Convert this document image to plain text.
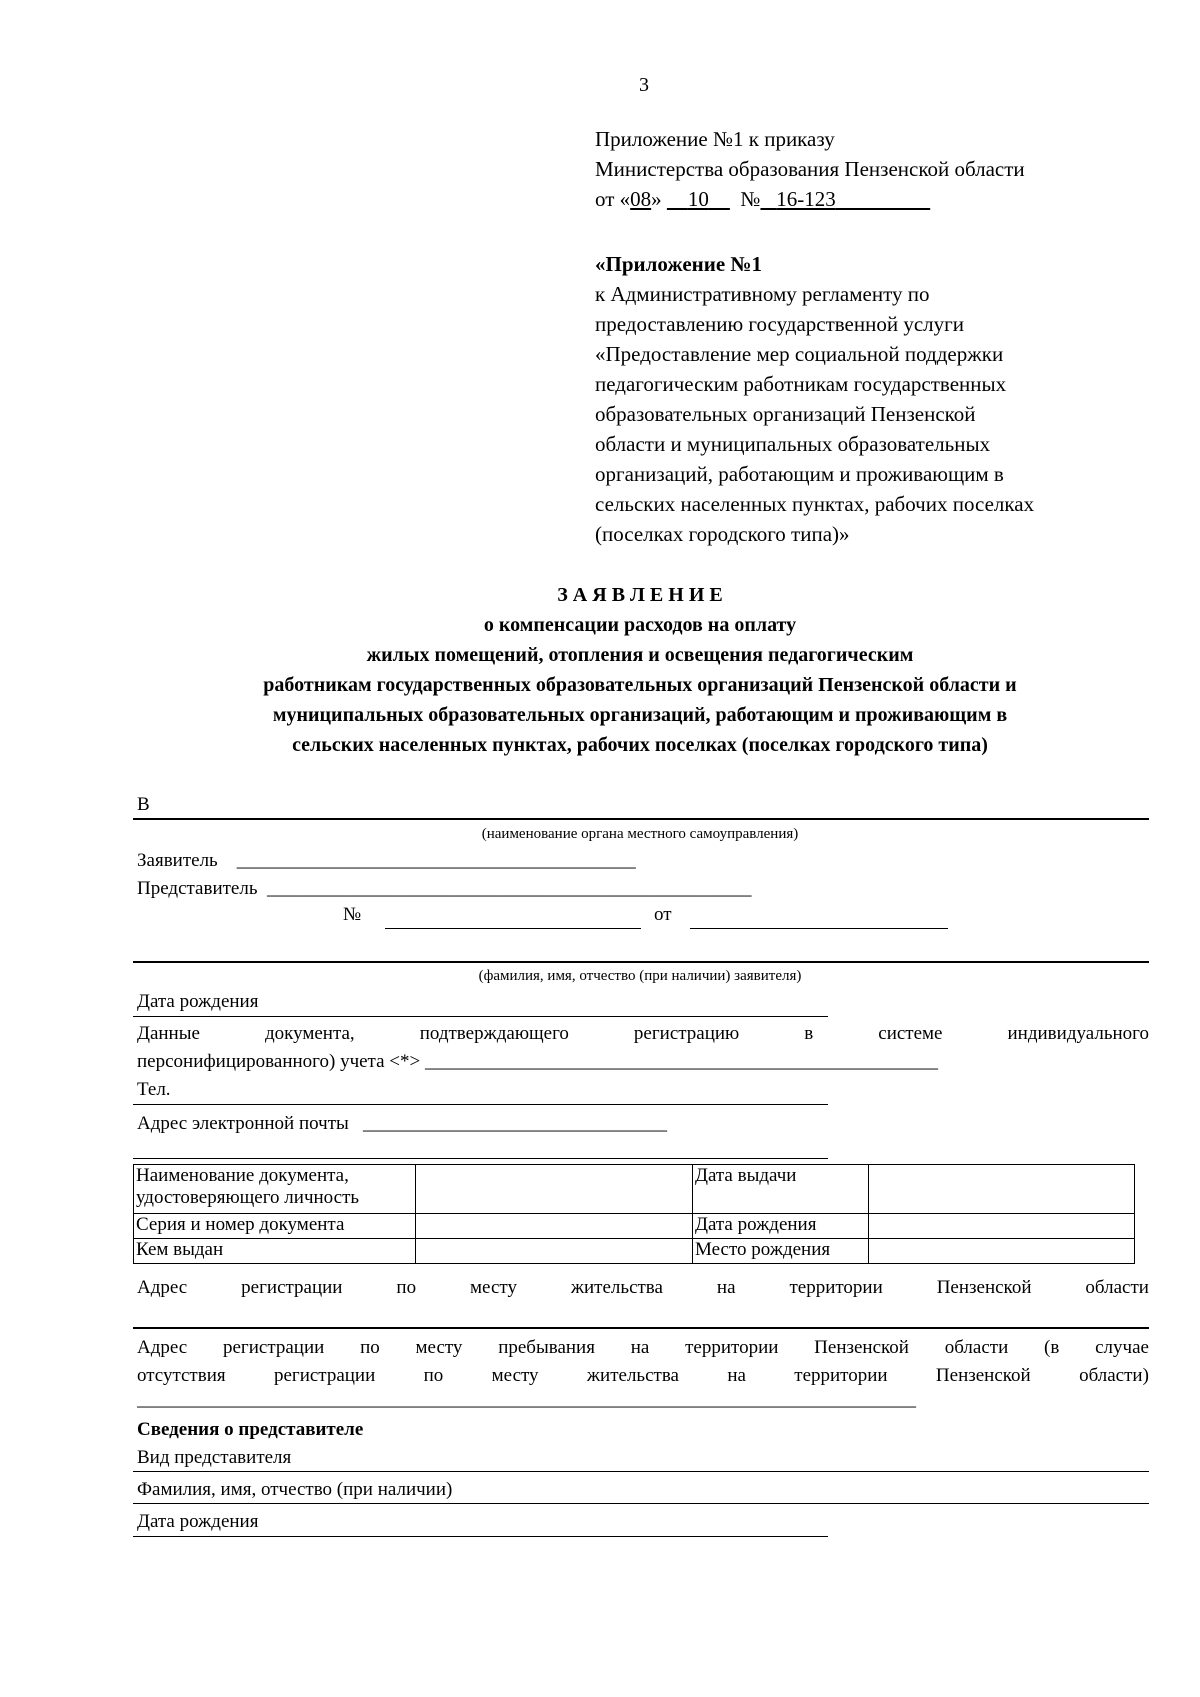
3
Приложение №1 к приказу
Министерства образования Пензенской области
от «08»     10 № 16-123
«Приложение №1
к Административному регламенту по
предоставлению государственной услуги
«Предоставление мер социальной поддержки
педагогическим работникам государственных
образовательных организаций Пензенской
области и муниципальных образовательных
организаций, работающим и проживающим в
сельских населенных пунктах, рабочих поселках
(поселках городского типа)»
З А Я В Л Е Н И Е
о компенсации расходов на оплату
жилых помещений, отопления и освещения педагогическим
работникам государственных образовательных организаций Пензенской области и
муниципальных образовательных организаций, работающим и проживающим в
сельских населенных пунктах, рабочих поселках (поселках городского типа)
В
(наименование органа местного самоуправления)
Заявитель __________________________________________
Представитель ___________________________________________________
№	от
(фамилия, имя, отчество (при наличии) заявителя)
Дата рождения
Данные	документа,	подтверждающего	регистрацию	в	системе	индивидуального
персонифицированного) учета <*> ______________________________________________________
Тел.
Адрес электронной почты ________________________________
Наименование документа, удостоверяющего личность		Дата выдачи	
Серия и номер документа		Дата рождения	
Кем выдан		Место рождения	
Адрес	регистрации	по	месту	жительства	на	территории	Пензенской	области
Адрес регистрации по месту пребывания на территории Пензенской области (в случае
отсутствия	регистрации	по	месту	жительства	на	территории	Пензенской	области)
__________________________________________________________________________________
Сведения о представителе
Вид представителя
Фамилия, имя, отчество (при наличии)
Дата рождения
